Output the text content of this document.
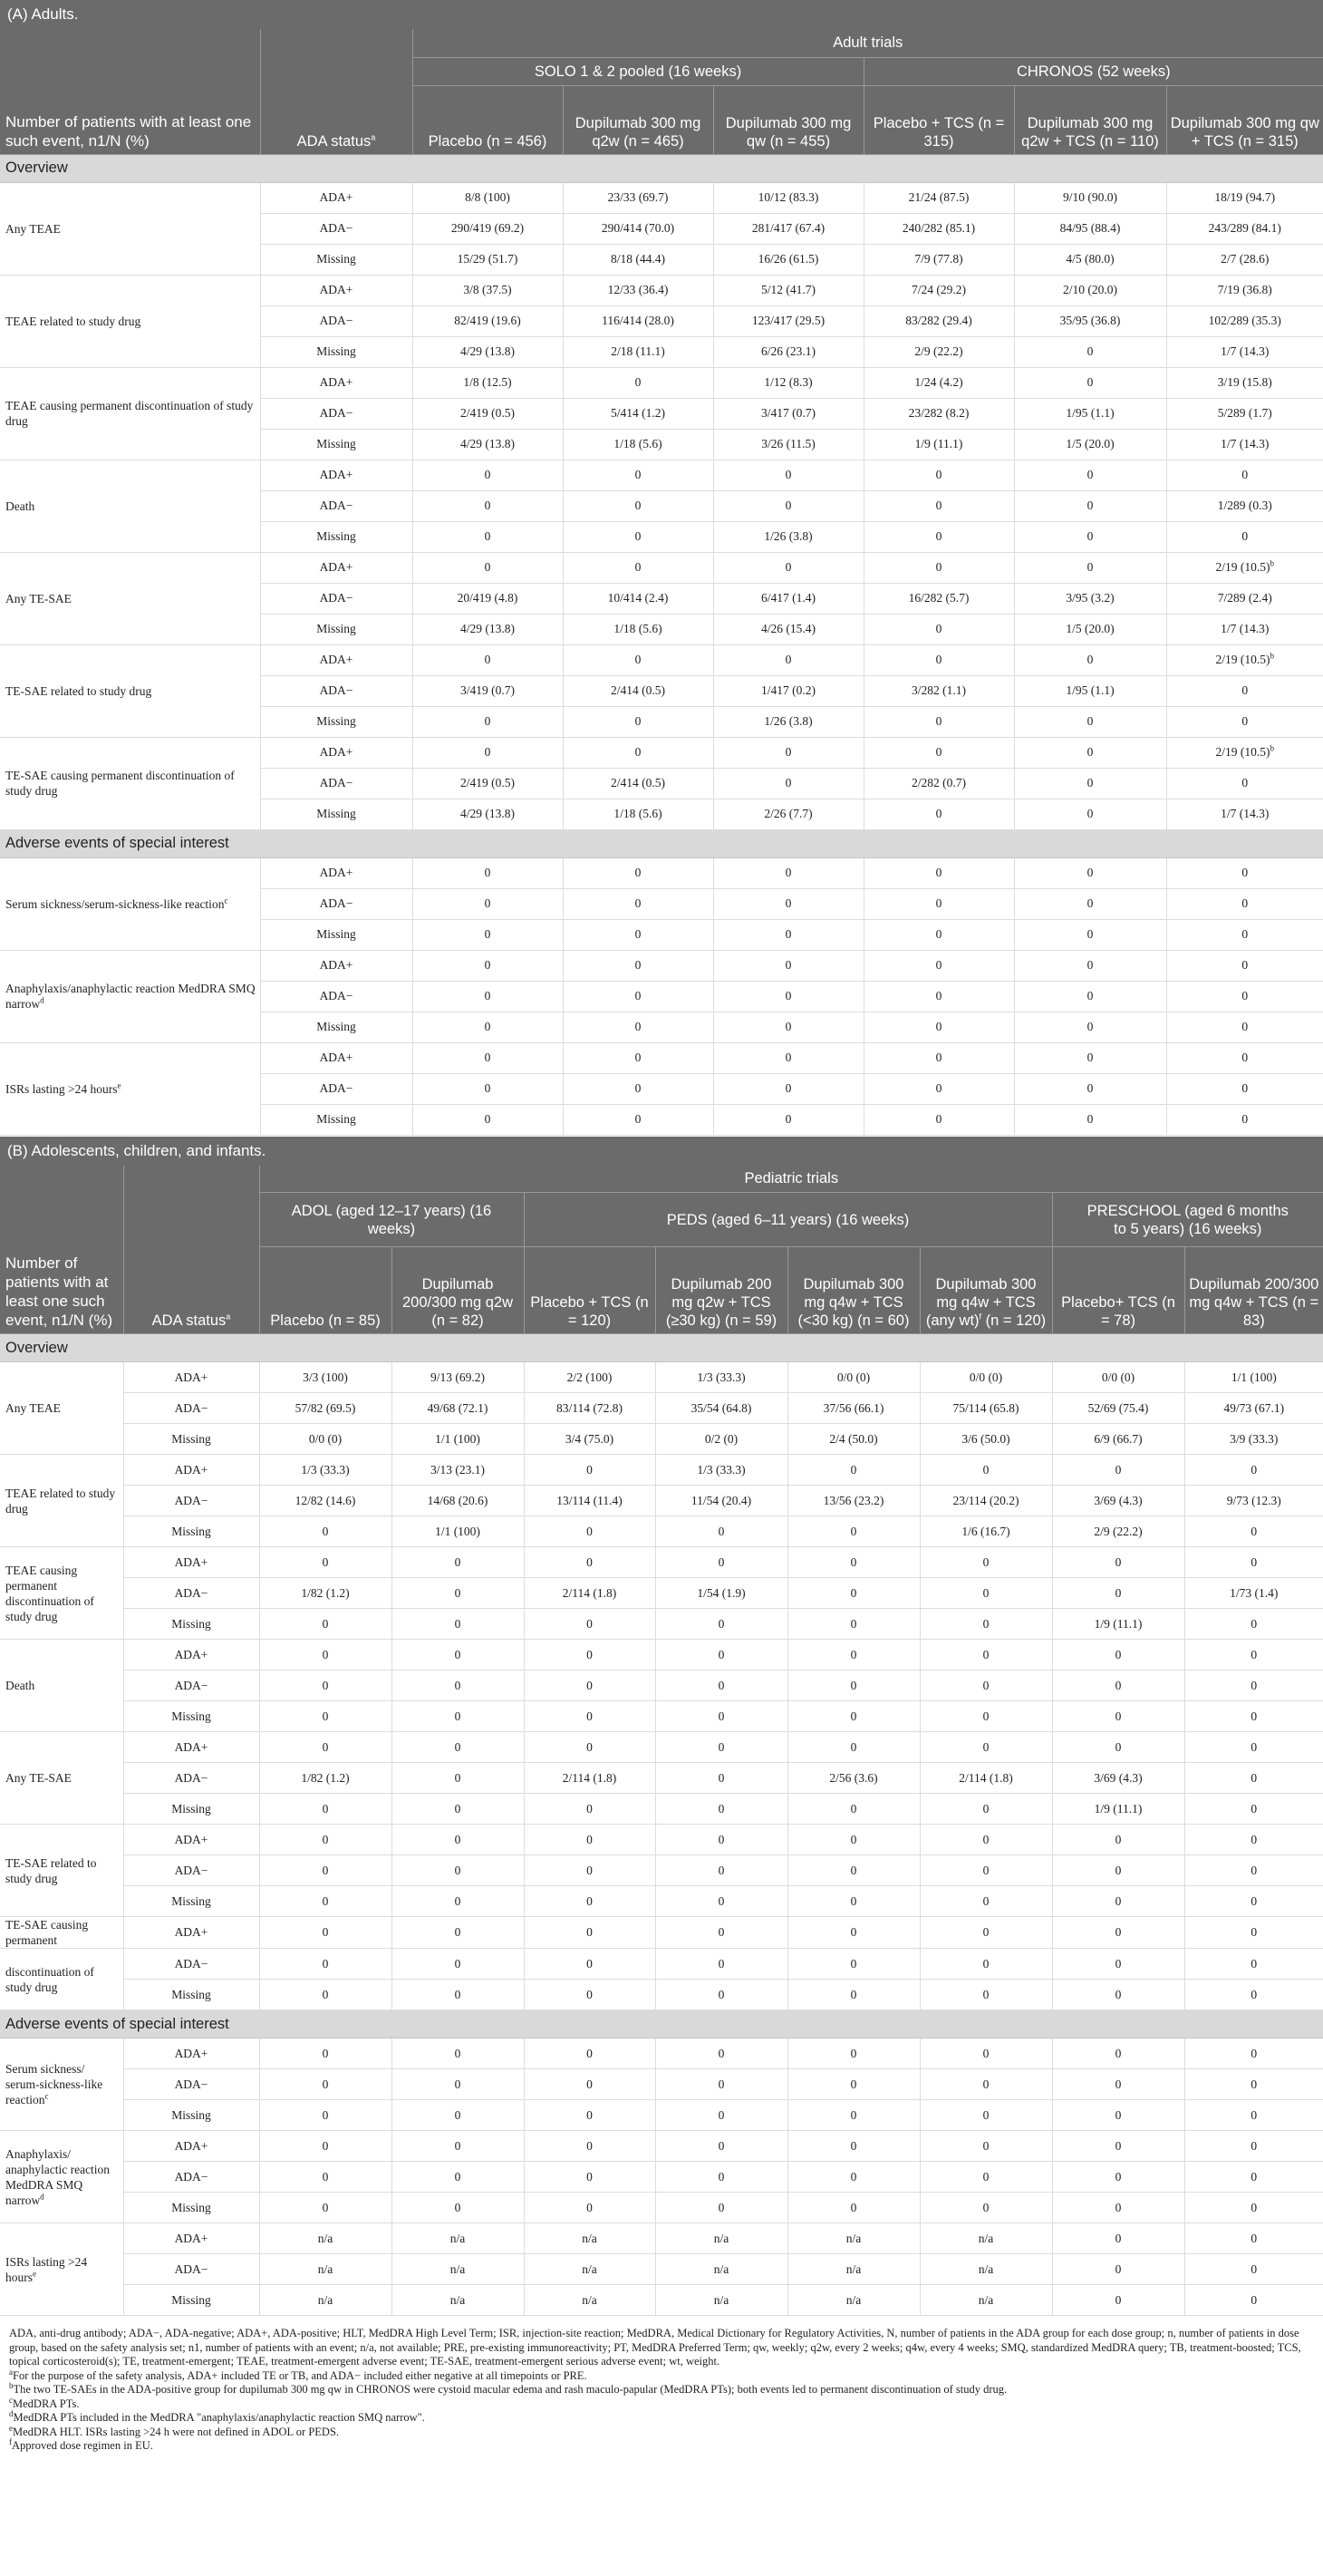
(A) Adults.							
Number of patients with at least one such event, n1/N (%)	ADA status$^a$	Adult trials					
		SOLO 1 & 2 pooled (16 weeks)			CHRONOS (52 weeks)		
		Placebo (n = 456)	Dupilumab 300 mg q2w (n = 465)	Dupilumab 300 mg qw (n = 455)	Placebo + TCS (n = 315)	Dupilumab 300 mg q2w + TCS (n = 110)	Dupilumab 300 mg qw + TCS (n = 315)
Overview							
Any TEAE	ADA+	8/8 (100)	23/33 (69.7)	10/12 (83.3)	21/24 (87.5)	9/10 (90.0)	18/19 (94.7)
	ADA−	290/419 (69.2)	290/414 (70.0)	281/417 (67.4)	240/282 (85.1)	84/95 (88.4)	243/289 (84.1)
	Missing	15/29 (51.7)	8/18 (44.4)	16/26 (61.5)	7/9 (77.8)	4/5 (80.0)	2/7 (28.6)
TEAE related to study drug	ADA+	3/8 (37.5)	12/33 (36.4)	5/12 (41.7)	7/24 (29.2)	2/10 (20.0)	7/19 (36.8)
	ADA−	82/419 (19.6)	116/414 (28.0)	123/417 (29.5)	83/282 (29.4)	35/95 (36.8)	102/289 (35.3)
	Missing	4/29 (13.8)	2/18 (11.1)	6/26 (23.1)	2/9 (22.2)	0	1/7 (14.3)
TEAE causing permanent discontinuation of study drug	ADA+	1/8 (12.5)	0	1/12 (8.3)	1/24 (4.2)	0	3/19 (15.8)
	ADA−	2/419 (0.5)	5/414 (1.2)	3/417 (0.7)	23/282 (8.2)	1/95 (1.1)	5/289 (1.7)
	Missing	4/29 (13.8)	1/18 (5.6)	3/26 (11.5)	1/9 (11.1)	1/5 (20.0)	1/7 (14.3)
Death	ADA+	0	0	0	0	0	0
	ADA−	0	0	0	0	0	1/289 (0.3)
	Missing	0	0	1/26 (3.8)	0	0	0
Any TE-SAE	ADA+	0	0	0	0	0	2/19 $(10.5)^b$
	ADA−	20/419 (4.8)	10/414 (2.4)	6/417 (1.4)	16/282 (5.7)	3/95 (3.2)	7/289 (2.4)
	Missing	4/29 (13.8)	1/18 (5.6)	4/26 (15.4)	0	1/5 (20.0)	1/7 (14.3)
TE-SAE related to study drug	ADA+	0	0	0	0	0	2/19 $(10.5)^b$
	ADA−	3/419 (0.7)	2/414 (0.5)	1/417 (0.2)	3/282 (1.1)	1/95 (1.1)	0
	Missing	0	0	1/26 (3.8)	0	0	0
TE-SAE causing permanent discontinuation of study drug	ADA+	0	0	0	0	0	2/19 $(10.5)^b$
	ADA−	2/419 (0.5)	2/414 (0.5)	0	2/282 (0.7)	0	0
	Missing	4/29 (13.8)	1/18 (5.6)	2/26 (7.7)	0	0	1/7 (14.3)
Adverse events of special interest							
Serum sickness/serum-sickness-like reaction$^c$	ADA+	0	0	0	0	0	0
	ADA−	0	0	0	0	0	0
	Missing	0	0	0	0	0	0
Anaphylaxis/anaphylactic reaction MedDRA SMQ narrow$^d$	ADA+	0	0	0	0	0	0
	ADA−	0	0	0	0	0	0
	Missing	0	0	0	0	0	0
ISRs lasting >24 hours$^e$	ADA+	0	0	0	0	0	0
	ADA−	0	0	0	0	0	0
	Missing	0	0	0	0	0	0
(B) Adolescents, children, and infants.									
Number of patients with at least one such event, n1/N (%)	ADA status$^a$	Pediatric trials							
		ADOL (aged 12–17 years) (16 weeks)		PEDS (aged 6–11 years) (16 weeks)				PRESCHOOL (aged 6 months to 5 years) (16 weeks)	
		Placebo (n = 85)	Dupilumab 200/300 mg q2w (n = 82)	Placebo + TCS (n = 120)	Dupilumab 200 mg q2w + TCS (≥30 kg) (n = 59)	Dupilumab 300 mg q4w + TCS (<30 kg) (n = 60)	Dupilumab 300 mg q4w + TCS (any wt)$^f$ (n = 120)	Placebo+ TCS (n = 78)	Dupilumab 200/300 mg q4w + TCS (n = 83)
Overview									
Any TEAE	ADA+	3/3 (100)	9/13 (69.2)	2/2 (100)	1/3 (33.3)	0/0 (0)	0/0 (0)	0/0 (0)	1/1 (100)
	ADA−	57/82 (69.5)	49/68 (72.1)	83/114 (72.8)	35/54 (64.8)	37/56 (66.1)	75/114 (65.8)	52/69 (75.4)	49/73 (67.1)
	Missing	0/0 (0)	1/1 (100)	3/4 (75.0)	0/2 (0)	2/4 (50.0)	3/6 (50.0)	6/9 (66.7)	3/9 (33.3)
TEAE related to study drug	ADA+	1/3 (33.3)	3/13 (23.1)	0	1/3 (33.3)	0	0	0	0
	ADA−	12/82 (14.6)	14/68 (20.6)	13/114 (11.4)	11/54 (20.4)	13/56 (23.2)	23/114 (20.2)	3/69 (4.3)	9/73 (12.3)
	Missing	0	1/1 (100)	0	0	0	1/6 (16.7)	2/9 (22.2)	0
TEAE causing permanent discontinuation of study drug	ADA+	0	0	0	0	0	0	0	0
	ADA−	1/82 (1.2)	0	2/114 (1.8)	1/54 (1.9)	0	0	0	1/73 (1.4)
	Missing	0	0	0	0	0	0	1/9 (11.1)	0
Death	ADA+	0	0	0	0	0	0	0	0
	ADA−	0	0	0	0	0	0	0	0
	Missing	0	0	0	0	0	0	0	0
Any TE-SAE	ADA+	0	0	0	0	0	0	0	0
	ADA−	1/82 (1.2)	0	2/114 (1.8)	0	2/56 (3.6)	2/114 (1.8)	3/69 (4.3)	0
	Missing	0	0	0	0	0	0	1/9 (11.1)	0
TE-SAE related to study drug	ADA+	0	0	0	0	0	0	0	0
	ADA−	0	0	0	0	0	0	0	0
	Missing	0	0	0	0	0	0	0	0
TE-SAE causing permanent	ADA+	0	0	0	0	0	0	0	0
discontinuation of study drug	ADA−	0	0	0	0	0	0	0	0
	Missing	0	0	0	0	0	0	0	0
Adverse events of special interest									
Serum sickness/ serum-sickness-like reaction$^c$	ADA+	0	0	0	0	0	0	0	0
	ADA−	0	0	0	0	0	0	0	0
	Missing	0	0	0	0	0	0	0	0
Anaphylaxis/ anaphylactic reaction MedDRA SMQ narrow$^d$	ADA+	0	0	0	0	0	0	0	0
	ADA−	0	0	0	0	0	0	0	0
	Missing	0	0	0	0	0	0	0	0
ISRs lasting >24 hours$^e$	ADA+	n/a	n/a	n/a	n/a	n/a	n/a	0	0
	ADA−	n/a	n/a	n/a	n/a	n/a	n/a	0	0
	Missing	n/a	n/a	n/a	n/a	n/a	n/a	0	0

ADA, anti-drug antibody; ADA−, ADA-negative; ADA+, ADA-positive; HLT, MedDRA High Level Term; ISR, injection-site reaction; MedDRA, Medical Dictionary for Regulatory Activities, N, number of patients in the ADA group for each dose group; n, number of patients in dose group, based on the safety analysis set; n1, number of patients with an event; n/a, not available; PRE, pre-existing immunoreactivity; PT, MedDRA Preferred Term; qw, weekly; q2w, every 2 weeks; q4w, every 4 weeks; SMQ, standardized MedDRA query; TB, treatment-boosted; TCS, topical corticosteroid(s); TE, treatment-emergent; TEAE, treatment-emergent adverse event; TE-SAE, treatment-emergent serious adverse event; wt, weight.

$^a$For the purpose of the safety analysis, ADA+ included TE or TB, and ADA− included either negative at all timepoints or PRE.

$^b$The two TE-SAEs in the ADA-positive group for dupilumab 300 mg qw in CHRONOS were cystoid macular edema and rash maculo-papular (MedDRA PTs); both events led to permanent discontinuation of study drug.

$^c$MedDRA PTs.

$^d$MedDRA PTs included in the MedDRA "anaphylaxis/anaphylactic reaction SMQ narrow".

$^e$MedDRA HLT. ISRs lasting >24 h were not defined in ADOL or PEDS.

$^f$Approved dose regimen in EU.
